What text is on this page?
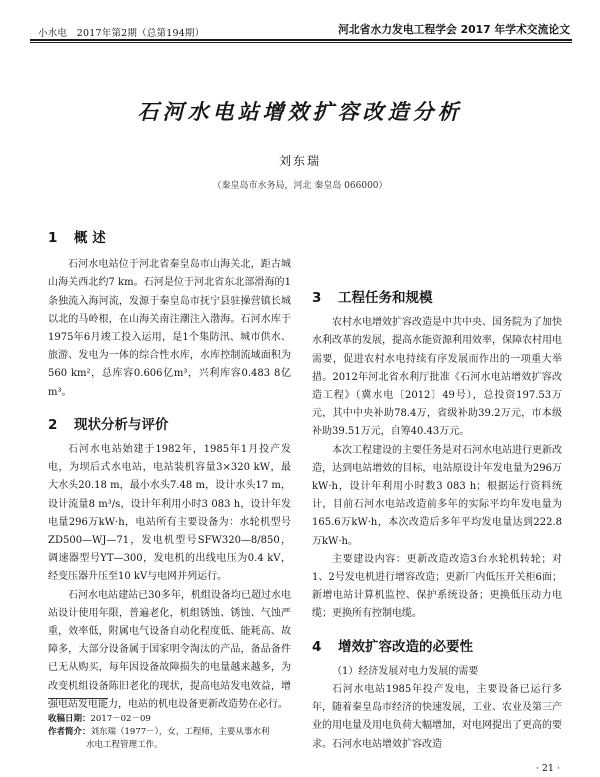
小水电 2017年第2期（总第194期）	河北省水力发电工程学会 2017 年学术交流论文
石河水电站增效扩容改造分析
刘东瑞
（秦皇岛市水务局，河北 秦皇岛 066000）
1 概 述

石河水电站位于河北省秦皇岛市山海关北，距古城山海关西北约7 km。石河是位于河北省东北部滑海的1条独流入海河流，发源于秦皇岛市抚宁县驻操营镇长城以北的马岭根，在山海关南注潮注入渤海。石河水库于1975年6月竣工投入运用，是1个集防汛、城市供水、旅游、发电为一体的综合性水库，水库控制流域面积为560 km²，总库容0.606亿m³，兴利库容0.483 8亿m³。

2 现状分析与评价

石河水电站始建于1982年，1985年1月投产发电，为坝后式水电站，电站装机容量3×320 kW，最大水头20.18 m，最小水头7.48 m，设计水头17 m，设计流量8 m³/s，设计年利用小时3 083 h，设计年发电量296万kW·h，电站所有主要设备为：水轮机型号ZD500—WJ—71，发电机型号SFW320—8/850，调速器型号YT—300，发电机的出线电压为0.4 kV，经变压器升压至10 kV与电网并列运行。

石河水电站建站已30多年，机组设备均已超过水电站设计使用年限，普遍老化，机组锈蚀、锈蚀、气蚀严重，效率低，附属电气设备自动化程度低、能耗高、故障多，大部分设备属于国家明令淘汰的产品，备品备件已无从购买，每年因设备故障损失的电量越来越多，为改变机组设备陈旧老化的现状，提高电站发电效益，增强电站发电能力，电站的机电设备更新改造势在必行。

3 工程任务和规模

农村水电增效扩容改造是中共中央、国务院为了加快水利改革的发展，提高水能资源利用效率，保障农村用电需要，促进农村水电持续有序发展而作出的一项重大举措。2012年河北省水利厅批准《石河水电站增效扩容改造工程》（冀水电〔2012〕49号），总投资197.53万元，其中中央补助78.4万，省级补助39.2万元，市本级补助39.51万元，自筹40.43万元。

本次工程建设的主要任务是对石河水电站进行更新改造，达到电站增效的目标，电站原设计年发电量为296万kW·h，设计年利用小时数3 083 h；根据运行资料统计，目前石河水电站改造前多年的实际平均年发电量为165.6万kW·h，本次改造后多年平均发电量达到222.8万kW·h。

主要建设内容：更新改造改造3台水轮机转轮；对1、2号发电机进行增容改造；更新厂内低压开关柜6面；新增电站计算机监控、保护系统设备；更换低压动力电缆；更换所有控制电缆。

4 增效扩容改造的必要性

（1）经济发展对电力发展的需要

石河水电站1985年投产发电，主要设备已运行多年，随着秦皇岛市经济的快速发展，工业、农业及第三产业的用电量及用电负荷大幅增加，对电网提出了更高的要求。石河水电站增效扩容改造

收稿日期：2017－02－09

作者简介：刘东瑞（1977－），女，工程师，主要从事水利

水电工程管理工作。

· 21 ·
